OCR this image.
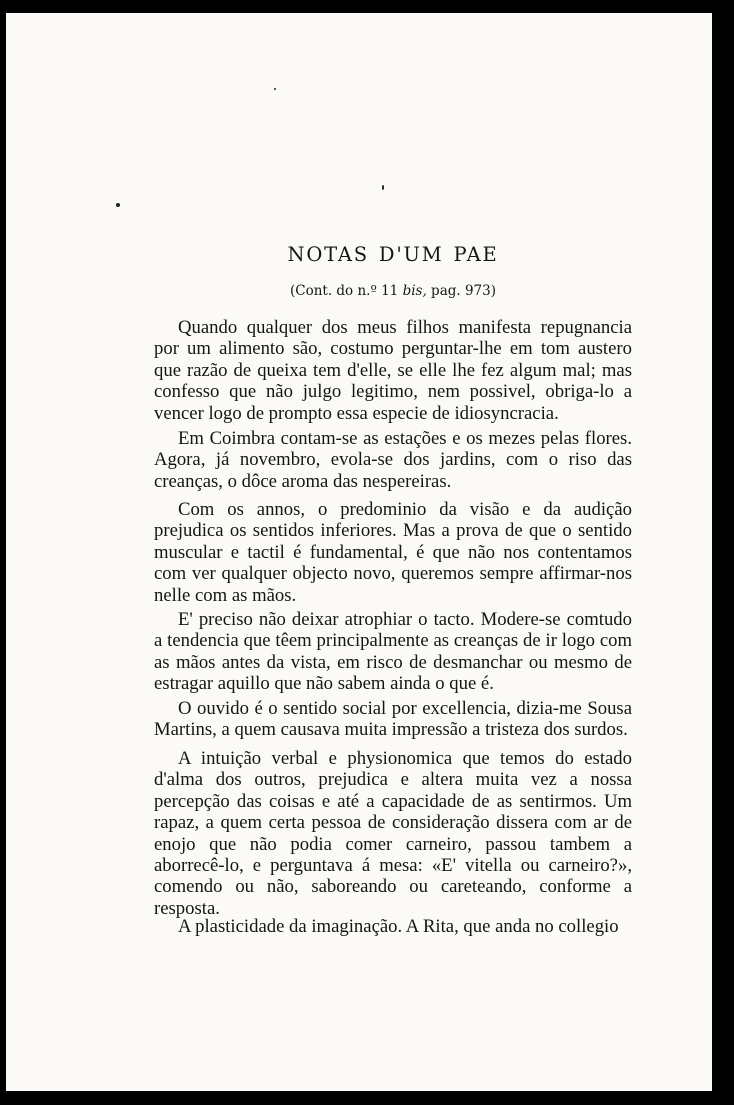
NOTAS D'UM PAE
(Cont. do n.º 11 bis, pag. 973)

Quando qualquer dos meus filhos manifesta repugnancia por um alimento são, costumo perguntar-lhe em tom austero que razão de queixa tem d'elle, se elle lhe fez algum mal; mas confesso que não julgo legitimo, nem possivel, obriga-lo a vencer logo de prompto essa especie de idiosyncracia.

Em Coimbra contam-se as estações e os mezes pelas flores. Agora, já novembro, evola-se dos jardins, com o riso das creanças, o dôce aroma das nespereiras.

Com os annos, o predominio da visão e da audição prejudica os sentidos inferiores. Mas a prova de que o sentido muscular e tactil é fundamental, é que não nos contentamos com ver qualquer objecto novo, queremos sempre affirmar-nos nelle com as mãos.

E' preciso não deixar atrophiar o tacto. Modere-se comtudo a tendencia que têem principalmente as creanças de ir logo com as mãos antes da vista, em risco de desmanchar ou mesmo de estragar aquillo que não sabem ainda o que é.

O ouvido é o sentido social por excellencia, dizia-me Sousa Martins, a quem causava muita impressão a tristeza dos surdos.

A intuição verbal e physionomica que temos do estado d'alma dos outros, prejudica e altera muita vez a nossa percepção das coisas e até a capacidade de as sentirmos. Um rapaz, a quem certa pessoa de consideração dissera com ar de enojo que não podia comer carneiro, passou tambem a aborrecê-lo, e perguntava á mesa: «E' vitella ou carneiro?», comendo ou não, saboreando ou careteando, conforme a resposta.

A plasticidade da imaginação. A Rita, que anda no collegio
